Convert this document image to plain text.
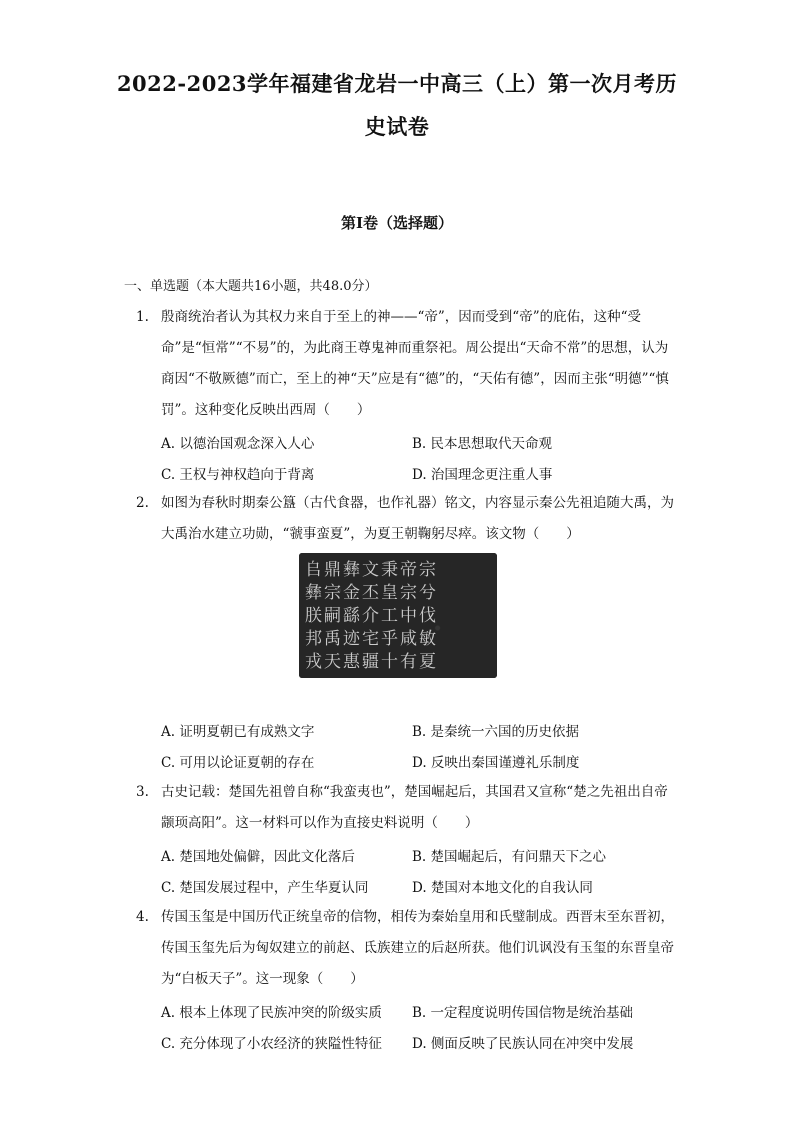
2022-2023学年福建省龙岩一中高三（上）第一次月考历
史试卷
第I卷（选择题）
一、单选题（本大题共16小题，共48.0分）
1. 殷商统治者认为其权力来自于至上的神——“帝”，因而受到“帝”的庇佑，这种“受命”是“恒常”“不易”的，为此商王尊鬼神而重祭祀。周公提出“天命不常”的思想，认为商因“不敬厥德”而亡，至上的神“天”应是有“德”的，“天佑有德”，因而主张“明德”“慎罚”。这种变化反映出西周（　　）
A. 以德治国观念深入人心	B. 民本思想取代天命观
C. 王权与神权趋向于背离	D. 治国理念更注重人事
2. 如图为春秋时期秦公簋（古代食器，也作礼器）铭文，内容显示秦公先祖追随大禹，为大禹治水建立功勋，“虢事蛮夏”，为夏王朝鞠躬尽瘁。该文物（　　）
𠂤鼎彝文秉帝宗
彝宗金丕皇宗兮
朕嗣繇介工中伐
邦禹迹宅乎咸敏
戎天惠疆十有夏
A. 证明夏朝已有成熟文字	B. 是秦统一六国的历史依据
C. 可用以论证夏朝的存在	D. 反映出秦国谨遵礼乐制度
3. 古史记载：楚国先祖曾自称“我蛮夷也”，楚国崛起后，其国君又宣称“楚之先祖出自帝颛顼高阳”。这一材料可以作为直接史料说明（　　）
A. 楚国地处偏僻，因此文化落后	B. 楚国崛起后，有问鼎天下之心
C. 楚国发展过程中，产生华夏认同	D. 楚国对本地文化的自我认同
4. 传国玉玺是中国历代正统皇帝的信物，相传为秦始皇用和氏璧制成。西晋末至东晋初，传国玉玺先后为匈奴建立的前赵、氐族建立的后赵所获。他们讥讽没有玉玺的东晋皇帝为“白板天子”。这一现象（　　）
A. 根本上体现了民族冲突的阶级实质 B. 一定程度说明传国信物是统治基础
C. 充分体现了小农经济的狭隘性特征 D. 侧面反映了民族认同在冲突中发展
